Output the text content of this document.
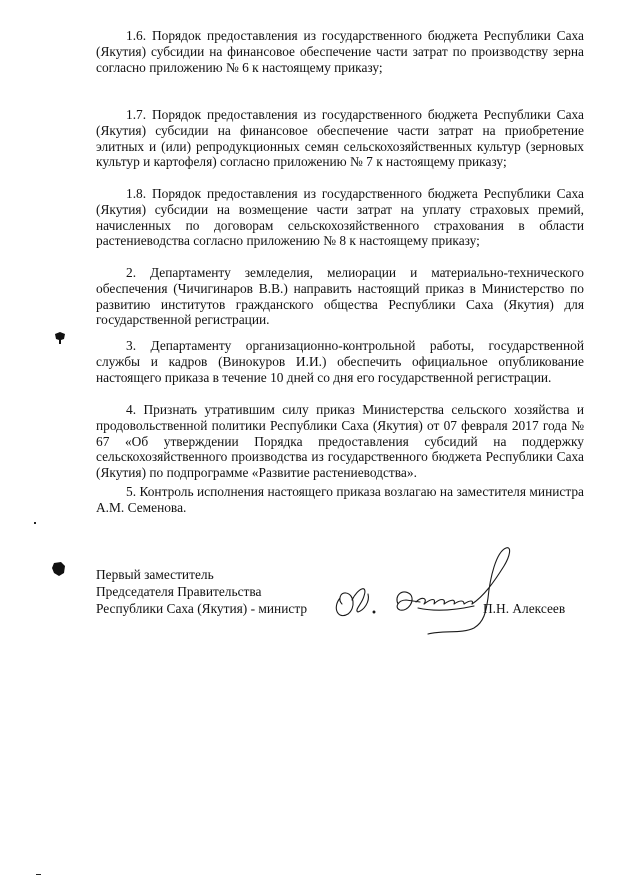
1.6. Порядок предоставления из государственного бюджета Республики Саха (Якутия) субсидии на финансовое обеспечение части затрат по производству зерна согласно приложению № 6 к настоящему приказу;

1.7. Порядок предоставления из государственного бюджета Республики Саха (Якутия) субсидии на финансовое обеспечение части затрат на приобретение элитных и (или) репродукционных семян сельскохозяйственных культур (зерновых культур и картофеля) согласно приложению № 7 к настоящему приказу;

1.8. Порядок предоставления из государственного бюджета Республики Саха (Якутия) субсидии на возмещение части затрат на уплату страховых премий, начисленных по договорам сельскохозяйственного страхования в области растениеводства согласно приложению № 8 к настоящему приказу;

2. Департаменту земледелия, мелиорации и материально-технического обеспечения (Чичигинаров В.В.) направить настоящий приказ в Министерство по развитию институтов гражданского общества Республики Саха (Якутия) для государственной регистрации.

3. Департаменту организационно-контрольной работы, государственной службы и кадров (Винокуров И.И.) обеспечить официальное опубликование настоящего приказа в течение 10 дней со дня его государственной регистрации.

4. Признать утратившим силу приказ Министерства сельского хозяйства и продовольственной политики Республики Саха (Якутия) от 07 февраля 2017 года № 67 «Об утверждении Порядка предоставления субсидий на поддержку сельскохозяйственного производства из государственного бюджета Республики Саха (Якутия) по подпрограмме «Развитие растениеводства».

5. Контроль исполнения настоящего приказа возлагаю на заместителя министра А.М. Семенова.

Первый заместитель
Председателя Правительства
Республики Саха (Якутия) - министр	П.Н. Алексеев
